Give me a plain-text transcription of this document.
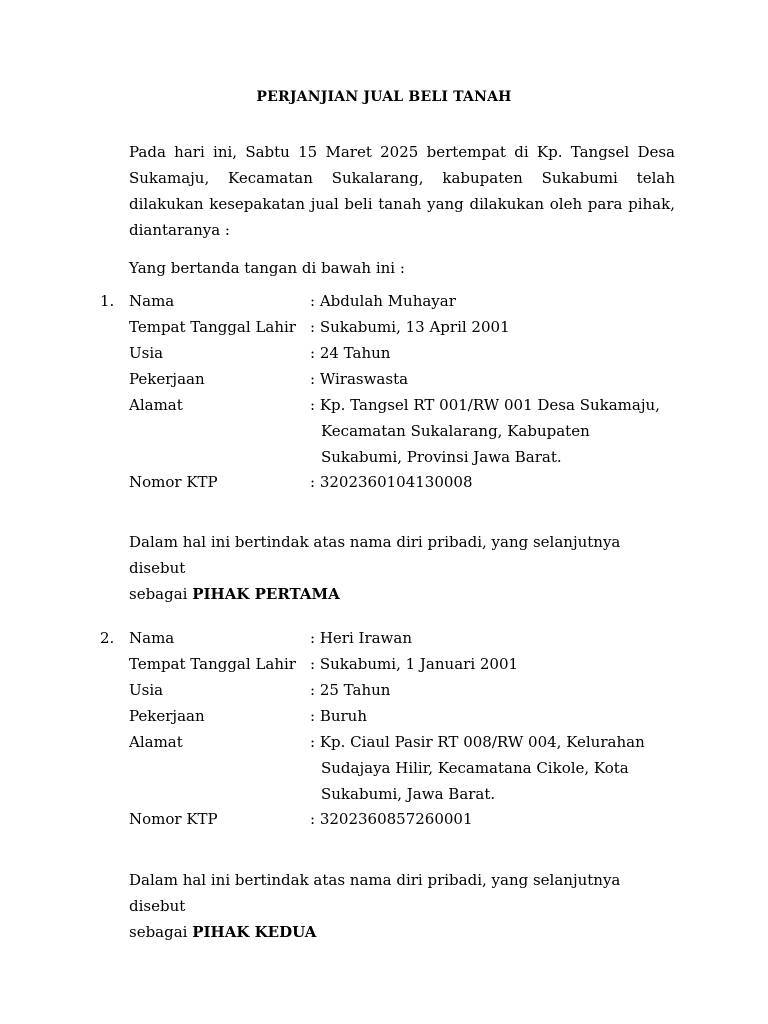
PERJANJIAN JUAL BELI TANAH
Pada hari ini, Sabtu 15 Maret 2025 bertempat di Kp. Tangsel Desa
Sukamaju, Kecamatan Sukalarang, kabupaten Sukabumi telah
dilakukan kesepakatan jual beli tanah yang dilakukan oleh para pihak,
diantaranya :
Yang bertanda tangan di bawah ini :
1. Nama	: Abdulah Muhayar
Tempat Tanggal Lahir : Sukabumi, 13 April 2001
Usia	: 24 Tahun
Pekerjaan	: Wiraswasta
Alamat	: Kp. Tangsel RT 001/RW 001 Desa Sukamaju,
Kecamatan Sukalarang, Kabupaten
Sukabumi, Provinsi Jawa Barat.
Nomor KTP	: 3202360104130008
Dalam hal ini bertindak atas nama diri pribadi, yang selanjutnya disebut
sebagai PIHAK PERTAMA
2. Nama	: Heri Irawan
Tempat Tanggal Lahir : Sukabumi, 1 Januari 2001
Usia	: 25 Tahun
Pekerjaan	: Buruh
Alamat	: Kp. Ciaul Pasir RT 008/RW 004, Kelurahan
Sudajaya Hilir, Kecamatana Cikole, Kota
Sukabumi, Jawa Barat.
Nomor KTP	: 3202360857260001
Dalam hal ini bertindak atas nama diri pribadi, yang selanjutnya disebut
sebagai PIHAK KEDUA
